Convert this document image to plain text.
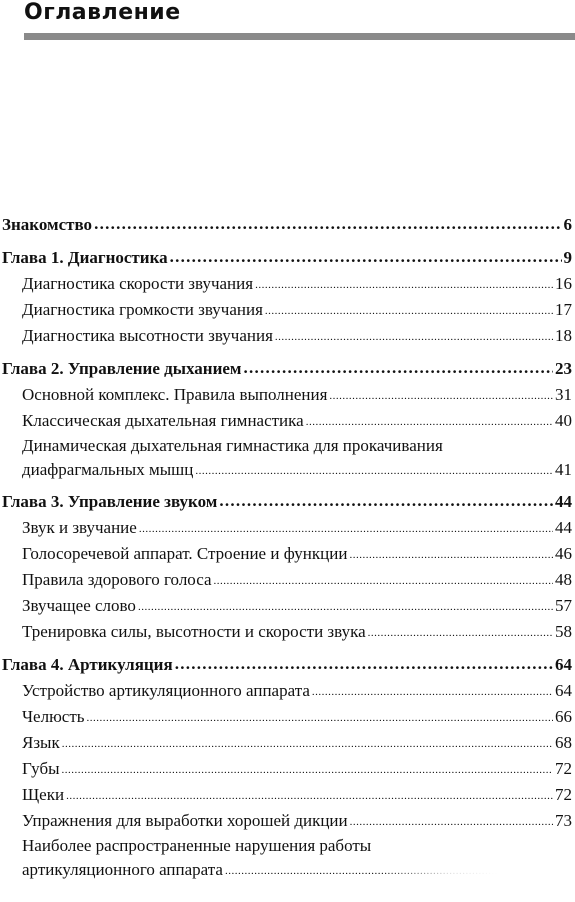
Оглавление
Знакомство . . .	6
Глава 1. Диагностика . . .	9
Диагностика скорости звучания .....	16
Диагностика громкости звучания .....	17
Диагностика высотности звучания .....	18
Глава 2. Управление дыханием . . .	23
Основной комплекс. Правила выполнения .....	31
Классическая дыхательная гимнастика .....	40
Динамическая дыхательная гимнастика для прокачивания
диафрагмальных мышц .....	41
Глава 3. Управление звуком . . .	44
Звук и звучание .....	44
Голосоречевой аппарат. Строение и функции .....	46
Правила здорового голоса .....	48
Звучащее слово .....	57
Тренировка силы, высотности и скорости звука .....	58
Глава 4. Артикуляция . . .	64
Устройство артикуляционного аппарата .....	64
Челюсть .....	66
Язык .....	68
Губы .....	72
Щеки .....	72
Упражнения для выработки хорошей дикции .....	73
Наиболее распространенные нарушения работы
артикуляционного аппарата
.....
